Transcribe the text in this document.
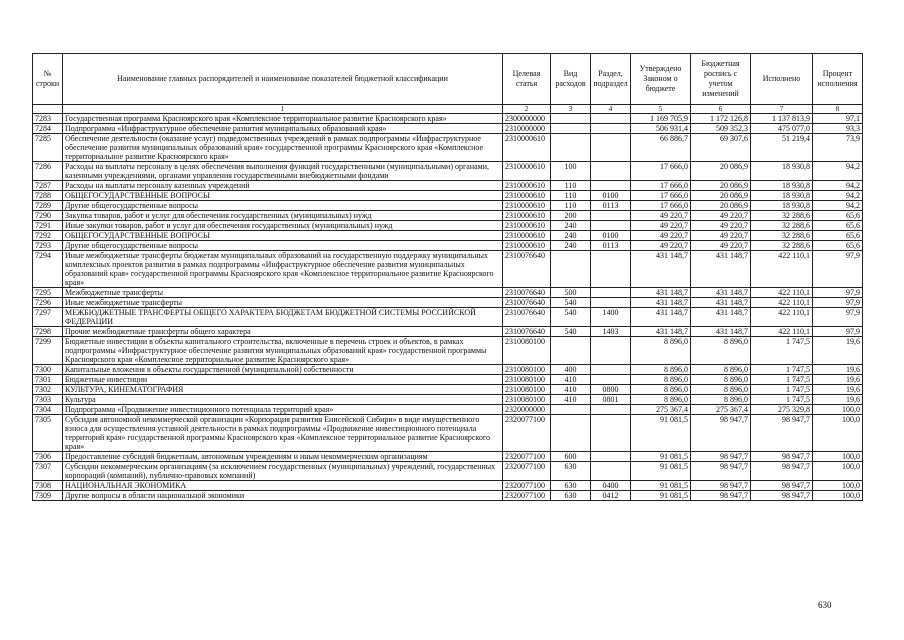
№ строки	Наименование главных распорядителей и наименование показателей бюджетной классификации	Целевая статья	Вид расходов	Раздел, подраздел	Утверждено Законом о бюджете	Бюджетная роспись с учетом изменений	Исполнено	Процент исполнения
	1	2	3	4	5	6	7	8
7283	Государственная программа Красноярского края «Комплексное территориальное развитие Красноярского края»	2300000000			1 169 705,9	1 172 126,8	1 137 813,9	97,1
7284	Подпрограмма «Инфраструктурное обеспечение развития муниципальных образований края»	2310000000			506 931,4	509 352,3	475 077,0	93,3
7285	Обеспечение деятельности (оказание услуг) подведомственных учреждений в рамках подпрограммы «Инфраструктурное обеспечение развития муниципальных образований края» государственной программы Красноярского края «Комплексное территориальное развитие Красноярского края»	2310000610			66 886,7	69 307,6	51 219,4	73,9
7286	Расходы на выплаты персоналу в целях обеспечения выполнения функций государственными (муниципальными) органами, казенными учреждениями, органами управления государственными внебюджетными фондами	2310000610	100		17 666,0	20 086,9	18 930,8	94,2
7287	Расходы на выплаты персоналу казенных учреждений	2310000610	110		17 666,0	20 086,9	18 930,8	94,2
7288	ОБЩЕГОСУДАРСТВЕННЫЕ ВОПРОСЫ	2310000610	110	0100	17 666,0	20 086,9	18 930,8	94,2
7289	Другие общегосударственные вопросы	2310000610	110	0113	17 666,0	20 086,9	18 930,8	94,2
7290	Закупка товаров, работ и услуг для обеспечения государственных (муниципальных) нужд	2310000610	200		49 220,7	49 220,7	32 288,6	65,6
7291	Иные закупки товаров, работ и услуг для обеспечения государственных (муниципальных) нужд	2310000610	240		49 220,7	49 220,7	32 288,6	65,6
7292	ОБЩЕГОСУДАРСТВЕННЫЕ ВОПРОСЫ	2310000610	240	0100	49 220,7	49 220,7	32 288,6	65,6
7293	Другие общегосударственные вопросы	2310000610	240	0113	49 220,7	49 220,7	32 288,6	65,6
7294	Иные межбюджетные трансферты бюджетам муниципальных образований на государственную поддержку муниципальных комплексных проектов развития в рамках подпрограммы «Инфраструктурное обеспечение развития муниципальных образований края» государственной программы Красноярского края «Комплексное территориальное развитие Красноярского края»	2310076640			431 148,7	431 148,7	422 110,1	97,9
7295	Межбюджетные трансферты	2310076640	500		431 148,7	431 148,7	422 110,1	97,9
7296	Иные межбюджетные трансферты	2310076640	540		431 148,7	431 148,7	422 110,1	97,9
7297	МЕЖБЮДЖЕТНЫЕ ТРАНСФЕРТЫ ОБЩЕГО ХАРАКТЕРА БЮДЖЕТАМ БЮДЖЕТНОЙ СИСТЕМЫ РОССИЙСКОЙ ФЕДЕРАЦИИ	2310076640	540	1400	431 148,7	431 148,7	422 110,1	97,9
7298	Прочие межбюджетные трансферты общего характера	2310076640	540	1403	431 148,7	431 148,7	422 110,1	97,9
7299	Бюджетные инвестиции в объекты капитального строительства, включенные в перечень строек и объектов, в рамках подпрограммы «Инфраструктурное обеспечение развития муниципальных образований края» государственной программы Красноярского края «Комплексное территориальное развитие Красноярского края»	2310080100			8 896,0	8 896,0	1 747,5	19,6
7300	Капитальные вложения в объекты государственной (муниципальной) собственности	2310080100	400		8 896,0	8 896,0	1 747,5	19,6
7301	Бюджетные инвестиции	2310080100	410		8 896,0	8 896,0	1 747,5	19,6
7302	КУЛЬТУРА, КИНЕМАТОГРАФИЯ	2310080100	410	0800	8 896,0	8 896,0	1 747,5	19,6
7303	Культура	2310080100	410	0801	8 896,0	8 896,0	1 747,5	19,6
7304	Подпрограмма «Продвижение инвестиционного потенциала территорий края»	2320000000			275 367,4	275 367,4	275 329,8	100,0
7305	Субсидия автономной некоммерческой организации «Корпорация развития Енисейской Сибири» в виде имущественного взноса для осуществления уставной деятельности в рамках подпрограммы «Продвижение инвестиционного потенциала территорий края» государственной программы Красноярского края «Комплексное территориальное развитие Красноярского края»	2320077100			91 081,5	98 947,7	98 947,7	100,0
7306	Предоставление субсидий бюджетным, автономным учреждениям и иным некоммерческим организациям	2320077100	600		91 081,5	98 947,7	98 947,7	100,0
7307	Субсидии некоммерческим организациям (за исключением государственных (муниципальных) учреждений, государственных корпораций (компаний), публично-правовых компаний)	2320077100	630		91 081,5	98 947,7	98 947,7	100,0
7308	НАЦИОНАЛЬНАЯ ЭКОНОМИКА	2320077100	630	0400	91 081,5	98 947,7	98 947,7	100,0
7309	Другие вопросы в области национальной экономики	2320077100	630	0412	91 081,5	98 947,7	98 947,7	100,0
630
